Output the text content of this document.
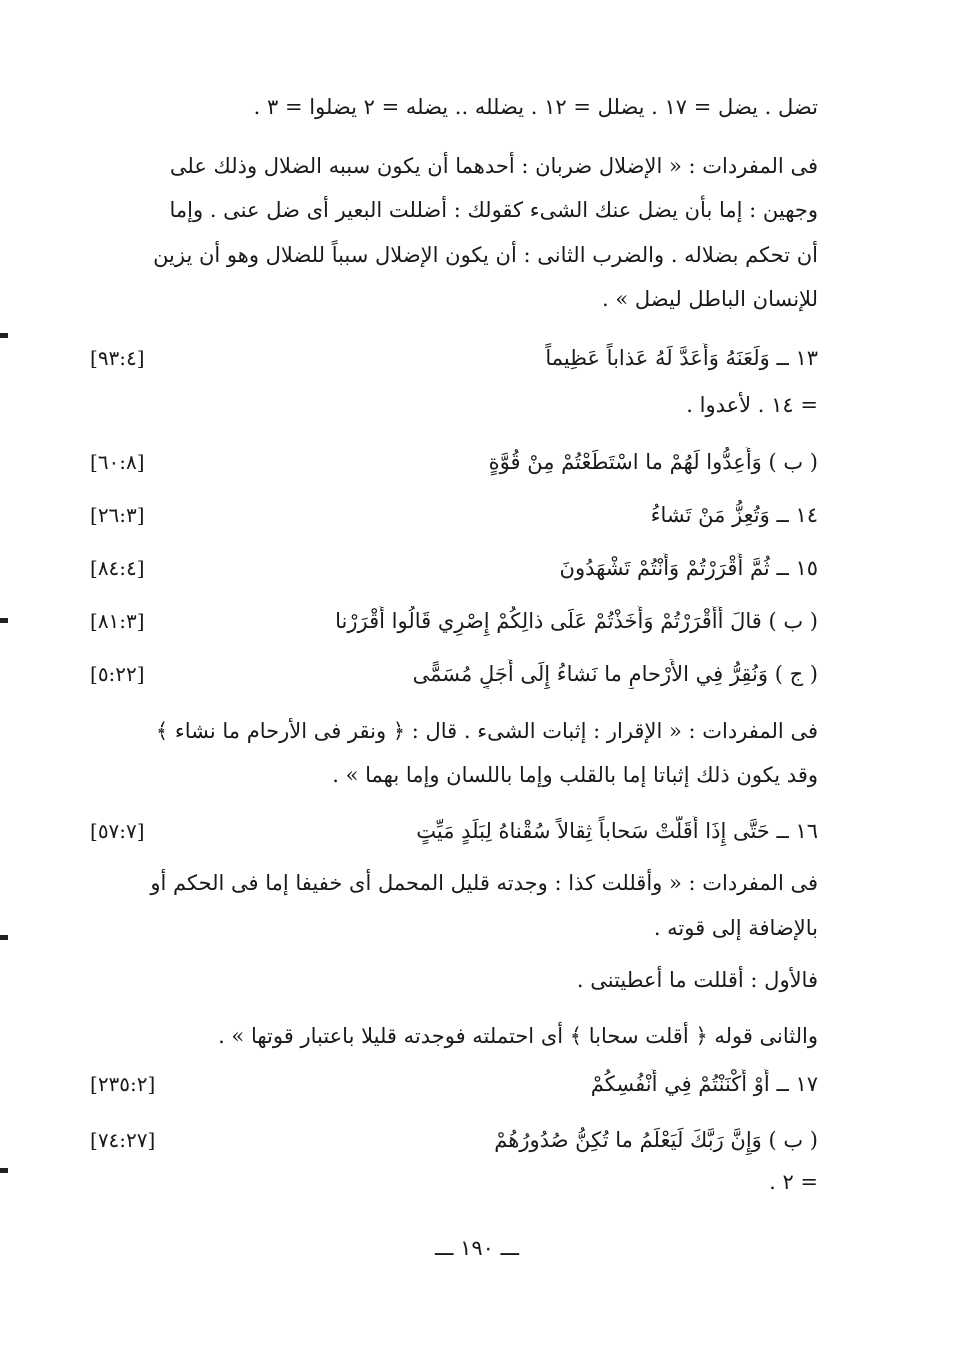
تضل . يضل = ١٧ . يضلل = ١٢ . يضلله .. يضله = ٢ يضلوا = ٣ .
فى المفردات : « الإضلال ضربان : أحدهما أن يكون سببه الضلال وذلك على
وجهين : إما بأن يضل عنك الشىء كقولك : أضللت البعير أى ضل عنى . وإما
أن تحكم بضلاله . والضرب الثانى : أن يكون الإضلال سبباً للضلال وهو أن يزين
للإنسان الباطل ليضل » .
١٣ ــ وَلَعَنَهُ وَأَعَدَّ لَهُ عَذاباً عَظِيماً
[٩٣:٤]
= ١٤ . لأعدوا .
( ب ) وَأَعِدُّوا لَهُمْ ما اسْتَطَعْتُمْ مِنْ قُوَّةٍ
[٦٠:٨]
١٤ ــ وَتُعِزُّ مَنْ تَشاءُ
[٢٦:٣]
١٥ ــ ثُمَّ أَقْرَرْتُمْ وَأَنْتُمْ تَشْهَدُونَ
[٨٤:٤]
( ب ) قالَ أَأَقْرَرْتُمْ وَأَخَذْتُمْ عَلَى ذالِكُمْ إِصْرِي قَالُوا أَقْرَرْنا
[٨١:٣]
( ج ) وَنُقِرُّ فِي الأَرْحامِ ما نَشاءُ إِلَى أَجَلٍ مُسَمًّى
[٥:٢٢]
فى المفردات : « الإقرار : إثبات الشىء . قال : ﴿ ونقر فى الأرحام ما نشاء ﴾
وقد يكون ذلك إثباتا إما بالقلب وإما باللسان وإما بهما » .
١٦ ــ حَتَّى إِذَا أَقَلَّتْ سَحاباً ثِقالاً سُقْناهُ لِبَلَدٍ مَيِّتٍ
[٥٧:٧]
فى المفردات : « وأقللت كذا : وجدته قليل المحمل أى خفيفا إما فى الحكم أو
بالإضافة إلى قوته .
فالأول : أقللت ما أعطيتنى .
والثانى قوله ﴿ أقلت سحابا ﴾ أى احتملته فوجدته قليلا باعتبار قوتها » .
١٧ ــ أَوْ أَكْنَنْتُمْ فِي أَنْفُسِكُمْ
[٢٣٥:٢]
( ب ) وَإِنَّ رَبَّكَ لَيَعْلَمُ ما تُكِنُّ صُدُورُهُمْ
[٧٤:٢٧]
= ٢ .
ـــ ١٩٠ ـــ
